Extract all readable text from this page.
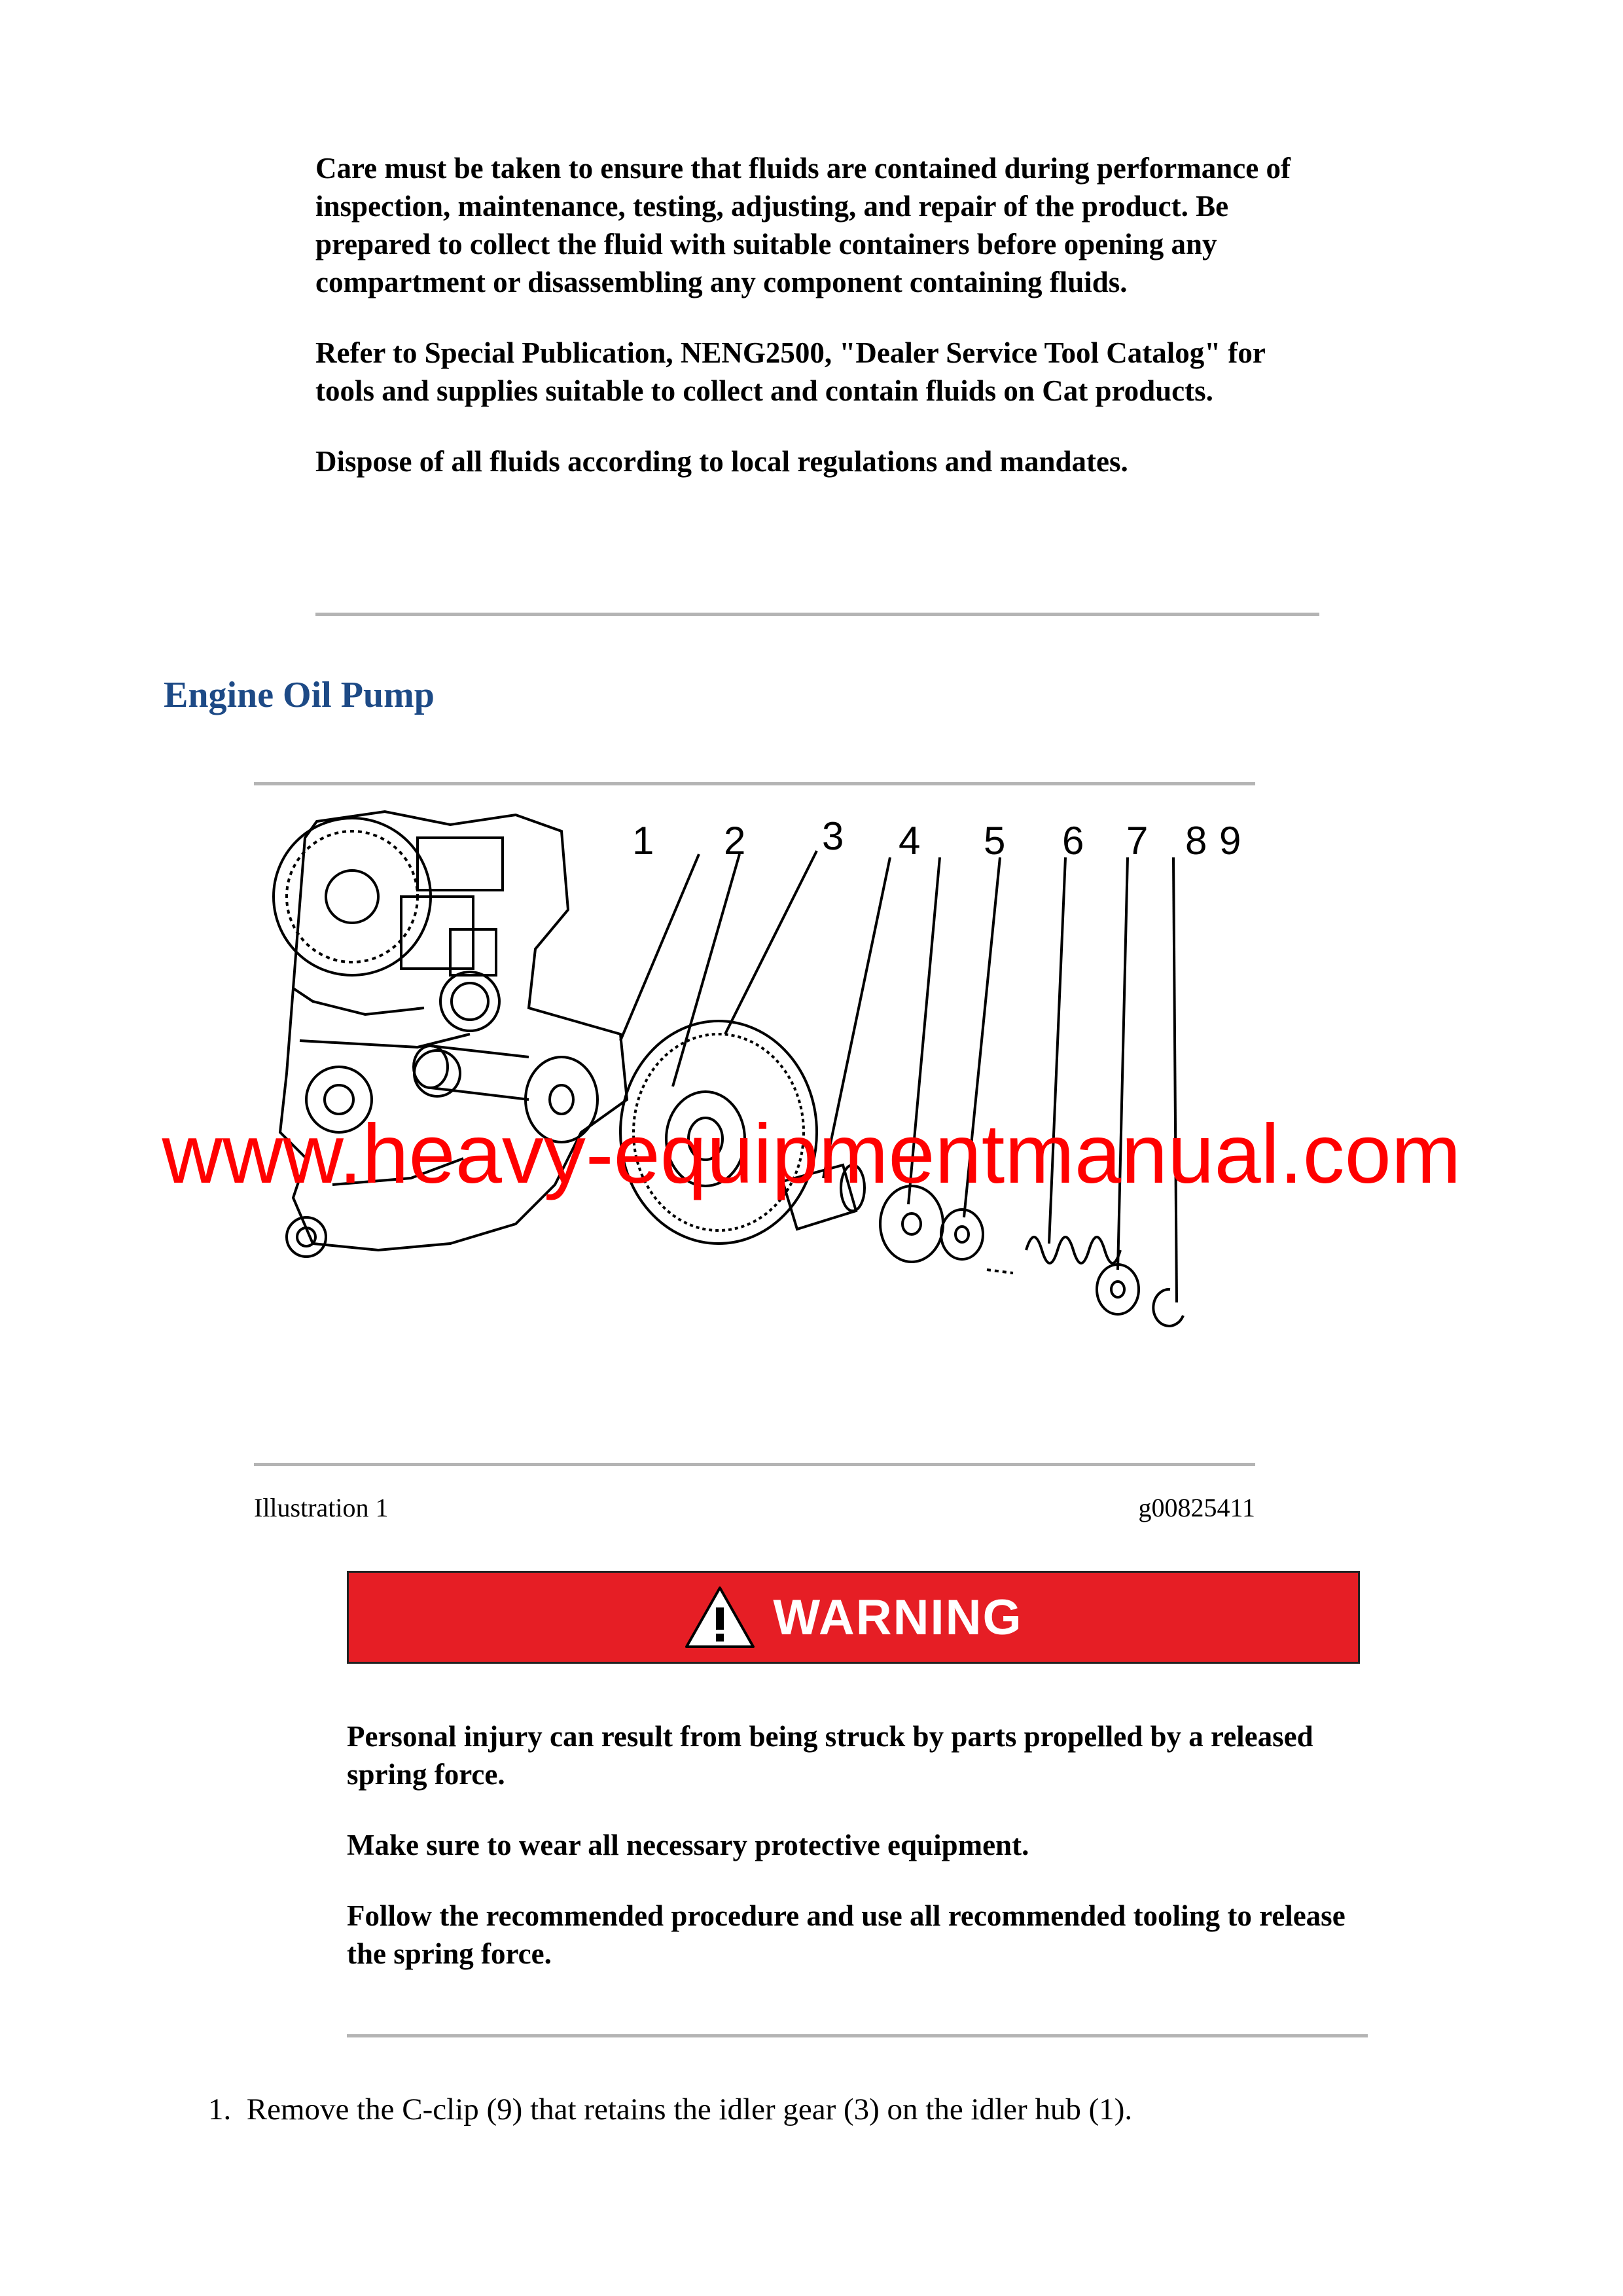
Care must be taken to ensure that fluids are contained during performance of inspection, maintenance, testing, adjusting, and repair of the product. Be prepared to collect the fluid with suitable containers before opening any compartment or disassembling any component containing fluids.

Refer to Special Publication, NENG2500, "Dealer Service Tool Catalog" for tools and supplies suitable to collect and contain fluids on Cat products.

Dispose of all fluids according to local regulations and mandates.

Engine Oil Pump
1 2 3 4 5 6 7 8 9
Illustration 1	g00825411
WARNING

Personal injury can result from being struck by parts propelled by a released spring force.

Make sure to wear all necessary protective equipment.

Follow the recommended procedure and use all recommended tooling to release the spring force.

1. Remove the C-clip (9) that retains the idler gear (3) on the idler hub (1).
www.heavy-equipmentmanual.com
